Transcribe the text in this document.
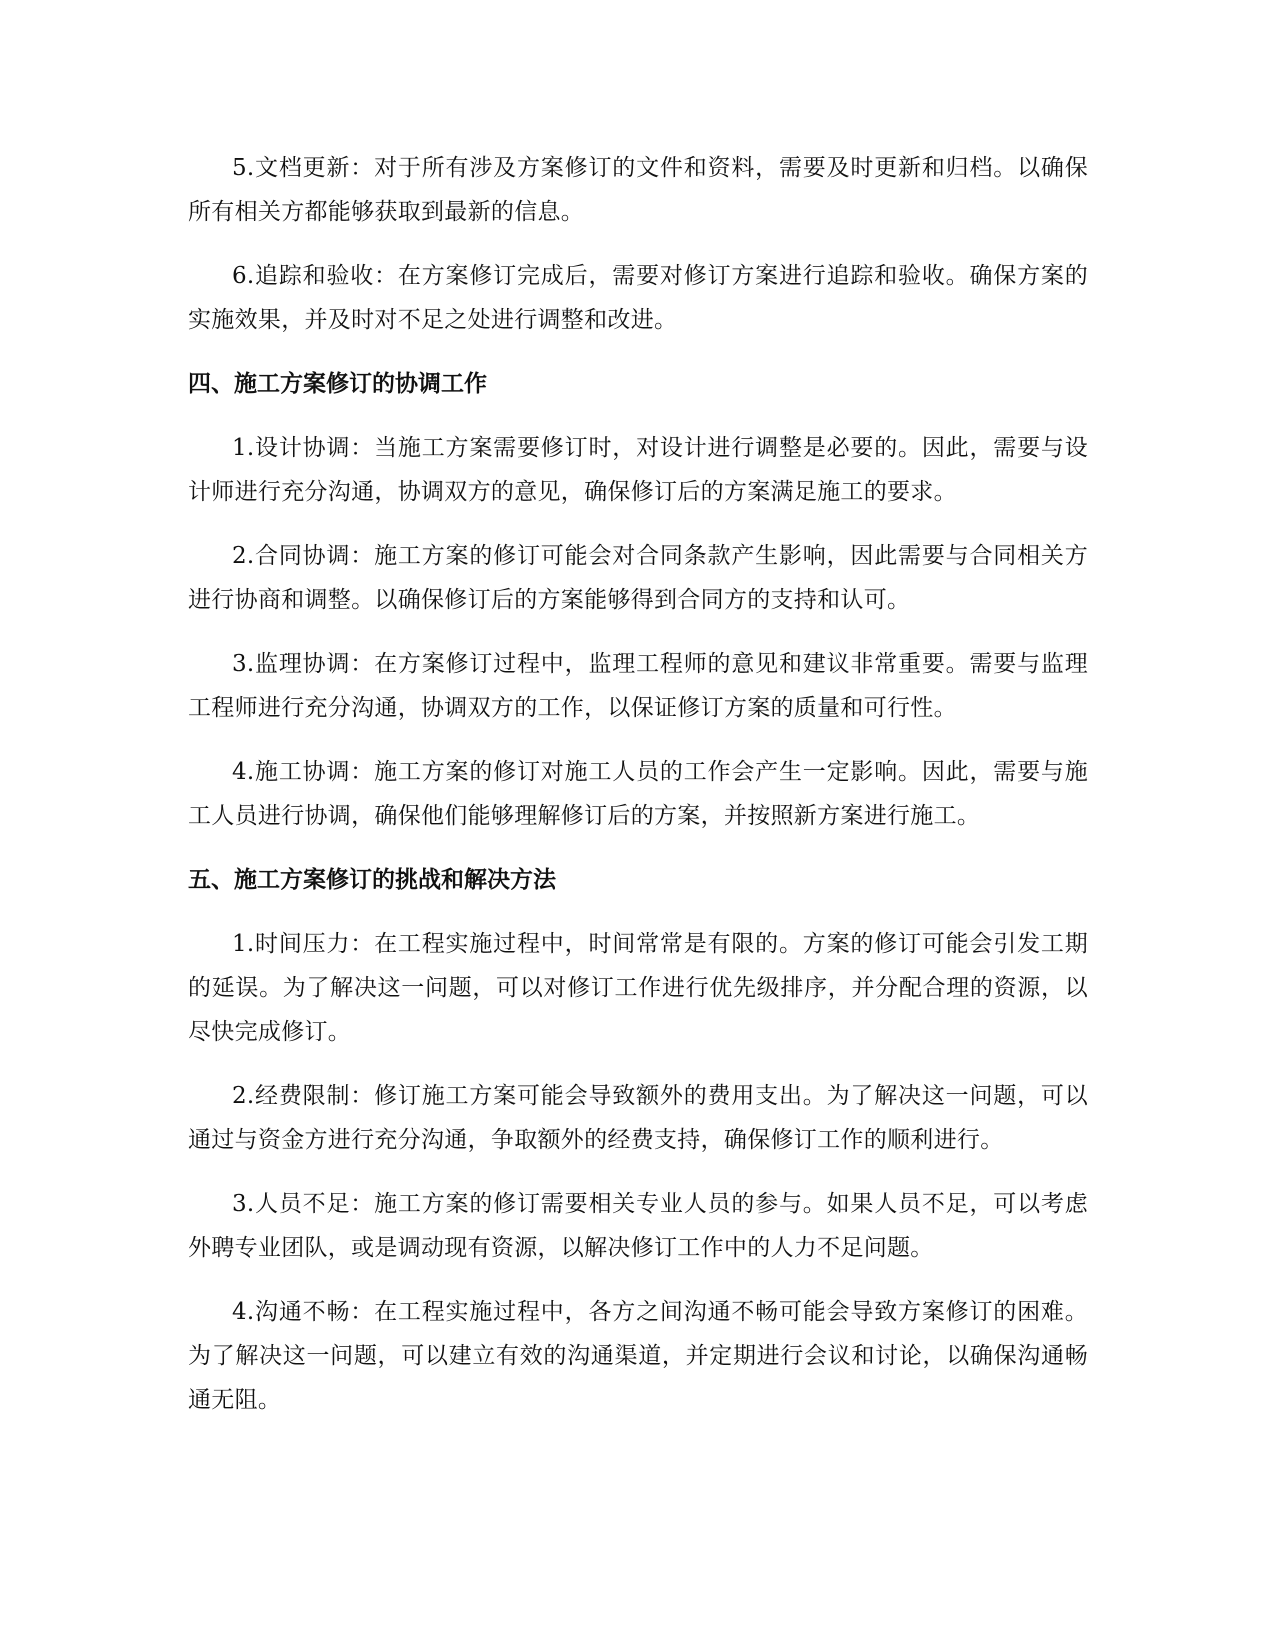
5.文档更新：对于所有涉及方案修订的文件和资料，需要及时更新和归档。以确保所有相关方都能够获取到最新的信息。

6.追踪和验收：在方案修订完成后，需要对修订方案进行追踪和验收。确保方案的实施效果，并及时对不足之处进行调整和改进。

四、施工方案修订的协调工作

1.设计协调：当施工方案需要修订时，对设计进行调整是必要的。因此，需要与设计师进行充分沟通，协调双方的意见，确保修订后的方案满足施工的要求。

2.合同协调：施工方案的修订可能会对合同条款产生影响，因此需要与合同相关方进行协商和调整。以确保修订后的方案能够得到合同方的支持和认可。

3.监理协调：在方案修订过程中，监理工程师的意见和建议非常重要。需要与监理工程师进行充分沟通，协调双方的工作，以保证修订方案的质量和可行性。

4.施工协调：施工方案的修订对施工人员的工作会产生一定影响。因此，需要与施工人员进行协调，确保他们能够理解修订后的方案，并按照新方案进行施工。

五、施工方案修订的挑战和解决方法

1.时间压力：在工程实施过程中，时间常常是有限的。方案的修订可能会引发工期的延误。为了解决这一问题，可以对修订工作进行优先级排序，并分配合理的资源，以尽快完成修订。

2.经费限制：修订施工方案可能会导致额外的费用支出。为了解决这一问题，可以通过与资金方进行充分沟通，争取额外的经费支持，确保修订工作的顺利进行。

3.人员不足：施工方案的修订需要相关专业人员的参与。如果人员不足，可以考虑外聘专业团队，或是调动现有资源，以解决修订工作中的人力不足问题。

4.沟通不畅：在工程实施过程中，各方之间沟通不畅可能会导致方案修订的困难。为了解决这一问题，可以建立有效的沟通渠道，并定期进行会议和讨论，以确保沟通畅通无阻。
